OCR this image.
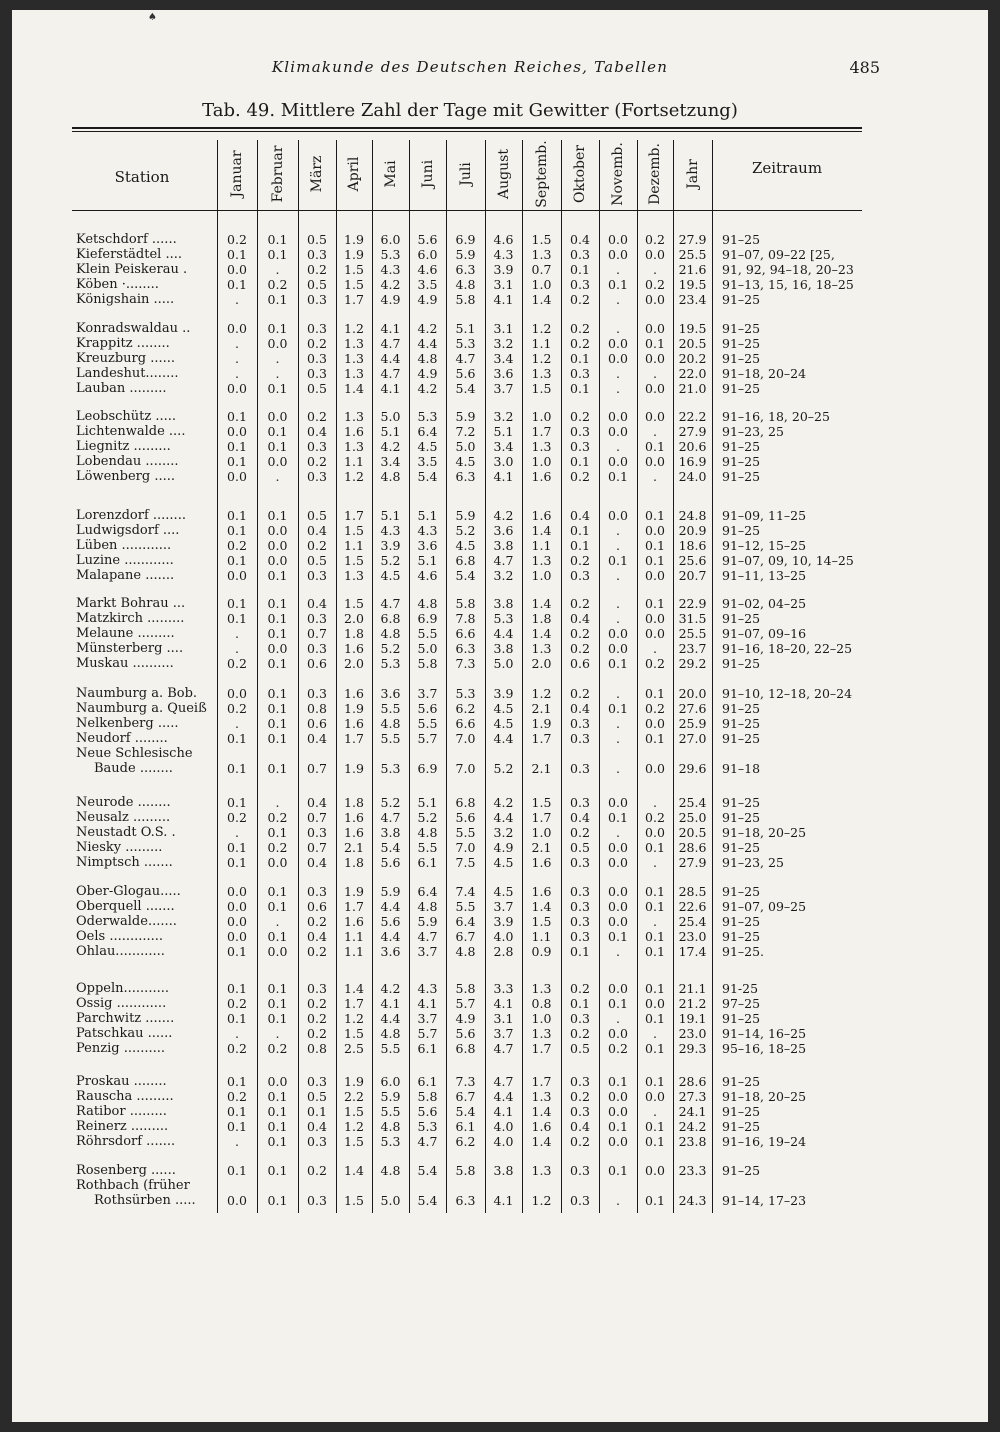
♠
Klimakunde des Deutschen Reiches, Tabellen	485
Tab. 49. Mittlere Zahl der Tage mit Gewitter (Fortsetzung)
Station	Zeitraum
Januar Februar März April Mai Juni Juli August Septemb. Oktober Novemb. Dezemb. Jahr
Ketschdorf ......	0.2	0.1	0.5	1.9	6.0	5.6	6.9	4.6	1.5	0.4	0.0	0.2	27.9	91–25
Kieferstädtel ....	0.1	0.1	0.3	1.9	5.3	6.0	5.9	4.3	1.3	0.3	0.0	0.0	25.5	91–07, 09–22 [25,
Klein Peiskerau .	0.0	.	0.2	1.5	4.3	4.6	6.3	3.9	0.7	0.1	.	.	21.6	91, 92, 94–18, 20–23
Köben ·........	0.1	0.2	0.5	1.5	4.2	3.5	4.8	3.1	1.0	0.3	0.1	0.2	19.5	91–13, 15, 16, 18–25
Königshain .....	.	0.1	0.3	1.7	4.9	4.9	5.8	4.1	1.4	0.2	.	0.0	23.4	91–25
Konradswaldau ..	0.0	0.1	0.3	1.2	4.1	4.2	5.1	3.1	1.2	0.2	.	0.0	19.5	91–25
Krappitz ........	.	0.0	0.2	1.3	4.7	4.4	5.3	3.2	1.1	0.2	0.0	0.1	20.5	91–25
Kreuzburg ......	.	.	0.3	1.3	4.4	4.8	4.7	3.4	1.2	0.1	0.0	0.0	20.2	91–25
Landeshut........	.	.	0.3	1.3	4.7	4.9	5.6	3.6	1.3	0.3	.	.	22.0	91–18, 20–24
Lauban .........	0.0	0.1	0.5	1.4	4.1	4.2	5.4	3.7	1.5	0.1	.	0.0	21.0	91–25
Leobschütz .....	0.1	0.0	0.2	1.3	5.0	5.3	5.9	3.2	1.0	0.2	0.0	0.0	22.2	91–16, 18, 20–25
Lichtenwalde ....	0.0	0.1	0.4	1.6	5.1	6.4	7.2	5.1	1.7	0.3	0.0	.	27.9	91–23, 25
Liegnitz .........	0.1	0.1	0.3	1.3	4.2	4.5	5.0	3.4	1.3	0.3	.	0.1	20.6	91–25
Lobendau ........	0.1	0.0	0.2	1.1	3.4	3.5	4.5	3.0	1.0	0.1	0.0	0.0	16.9	91–25
Löwenberg .....	0.0	.	0.3	1.2	4.8	5.4	6.3	4.1	1.6	0.2	0.1	.	24.0	91–25
Lorenzdorf ........	0.1	0.1	0.5	1.7	5.1	5.1	5.9	4.2	1.6	0.4	0.0	0.1	24.8	91–09, 11–25
Ludwigsdorf ....	0.1	0.0	0.4	1.5	4.3	4.3	5.2	3.6	1.4	0.1	.	0.0	20.9	91–25
Lüben ............	0.2	0.0	0.2	1.1	3.9	3.6	4.5	3.8	1.1	0.1	.	0.1	18.6	91–12, 15–25
Luzine ............	0.1	0.0	0.5	1.5	5.2	5.1	6.8	4.7	1.3	0.2	0.1	0.1	25.6	91–07, 09, 10, 14–25
Malapane .......	0.0	0.1	0.3	1.3	4.5	4.6	5.4	3.2	1.0	0.3	.	0.0	20.7	91–11, 13–25
Markt Bohrau ...	0.1	0.1	0.4	1.5	4.7	4.8	5.8	3.8	1.4	0.2	.	0.1	22.9	91–02, 04–25
Matzkirch .........	0.1	0.1	0.3	2.0	6.8	6.9	7.8	5.3	1.8	0.4	.	0.0	31.5	91–25
Melaune .........	.	0.1	0.7	1.8	4.8	5.5	6.6	4.4	1.4	0.2	0.0	0.0	25.5	91–07, 09–16
Münsterberg ....	.	0.0	0.3	1.6	5.2	5.0	6.3	3.8	1.3	0.2	0.0	.	23.7	91–16, 18–20, 22–25
Muskau ..........	0.2	0.1	0.6	2.0	5.3	5.8	7.3	5.0	2.0	0.6	0.1	0.2	29.2	91–25
Naumburg a. Bob.	0.0	0.1	0.3	1.6	3.6	3.7	5.3	3.9	1.2	0.2	.	0.1	20.0	91–10, 12–18, 20–24
Naumburg a. Queiß	0.2	0.1	0.8	1.9	5.5	5.6	6.2	4.5	2.1	0.4	0.1	0.2	27.6	91–25
Nelkenberg .....	.	0.1	0.6	1.6	4.8	5.5	6.6	4.5	1.9	0.3	.	0.0	25.9	91–25
Neudorf ........	0.1	0.1	0.4	1.7	5.5	5.7	7.0	4.4	1.7	0.3	.	0.1	27.0	91–25
Neue Schlesische
Baude ........	0.1	0.1	0.7	1.9	5.3	6.9	7.0	5.2	2.1	0.3	.	0.0	29.6	91–18
Neurode ........	0.1	.	0.4	1.8	5.2	5.1	6.8	4.2	1.5	0.3	0.0	.	25.4	91–25
Neusalz .........	0.2	0.2	0.7	1.6	4.7	5.2	5.6	4.4	1.7	0.4	0.1	0.2	25.0	91–25
Neustadt O.S. .	.	0.1	0.3	1.6	3.8	4.8	5.5	3.2	1.0	0.2	.	0.0	20.5	91–18, 20–25
Niesky .........	0.1	0.2	0.7	2.1	5.4	5.5	7.0	4.9	2.1	0.5	0.0	0.1	28.6	91–25
Nimptsch .......	0.1	0.0	0.4	1.8	5.6	6.1	7.5	4.5	1.6	0.3	0.0	.	27.9	91–23, 25
Ober-Glogau.....	0.0	0.1	0.3	1.9	5.9	6.4	7.4	4.5	1.6	0.3	0.0	0.1	28.5	91–25
Oberquell .......	0.0	0.1	0.6	1.7	4.4	4.8	5.5	3.7	1.4	0.3	0.0	0.1	22.6	91–07, 09–25
Oderwalde.......	0.0	.	0.2	1.6	5.6	5.9	6.4	3.9	1.5	0.3	0.0	.	25.4	91–25
Oels .............	0.0	0.1	0.4	1.1	4.4	4.7	6.7	4.0	1.1	0.3	0.1	0.1	23.0	91–25
Ohlau............	0.1	0.0	0.2	1.1	3.6	3.7	4.8	2.8	0.9	0.1	.	0.1	17.4	91–25.
Oppeln...........	0.1	0.1	0.3	1.4	4.2	4.3	5.8	3.3	1.3	0.2	0.0	0.1	21.1	91-25
Ossig ............	0.2	0.1	0.2	1.7	4.1	4.1	5.7	4.1	0.8	0.1	0.1	0.0	21.2	97–25
Parchwitz .......	0.1	0.1	0.2	1.2	4.4	3.7	4.9	3.1	1.0	0.3	.	0.1	19.1	91–25
Patschkau ......	.	.	0.2	1.5	4.8	5.7	5.6	3.7	1.3	0.2	0.0	.	23.0	91–14, 16–25
Penzig ..........	0.2	0.2	0.8	2.5	5.5	6.1	6.8	4.7	1.7	0.5	0.2	0.1	29.3	95–16, 18–25
Proskau ........	0.1	0.0	0.3	1.9	6.0	6.1	7.3	4.7	1.7	0.3	0.1	0.1	28.6	91–25
Rauscha .........	0.2	0.1	0.5	2.2	5.9	5.8	6.7	4.4	1.3	0.2	0.0	0.0	27.3	91–18, 20–25
Ratibor .........	0.1	0.1	0.1	1.5	5.5	5.6	5.4	4.1	1.4	0.3	0.0	.	24.1	91–25
Reinerz .........	0.1	0.1	0.4	1.2	4.8	5.3	6.1	4.0	1.6	0.4	0.1	0.1	24.2	91–25
Röhrsdorf .......	.	0.1	0.3	1.5	5.3	4.7	6.2	4.0	1.4	0.2	0.0	0.1	23.8	91–16, 19–24
Rosenberg ......	0.1	0.1	0.2	1.4	4.8	5.4	5.8	3.8	1.3	0.3	0.1	0.0	23.3	91–25
Rothbach (früher
Rothsürben .....	0.0	0.1	0.3	1.5	5.0	5.4	6.3	4.1	1.2	0.3	.	0.1	24.3	91–14, 17–23
